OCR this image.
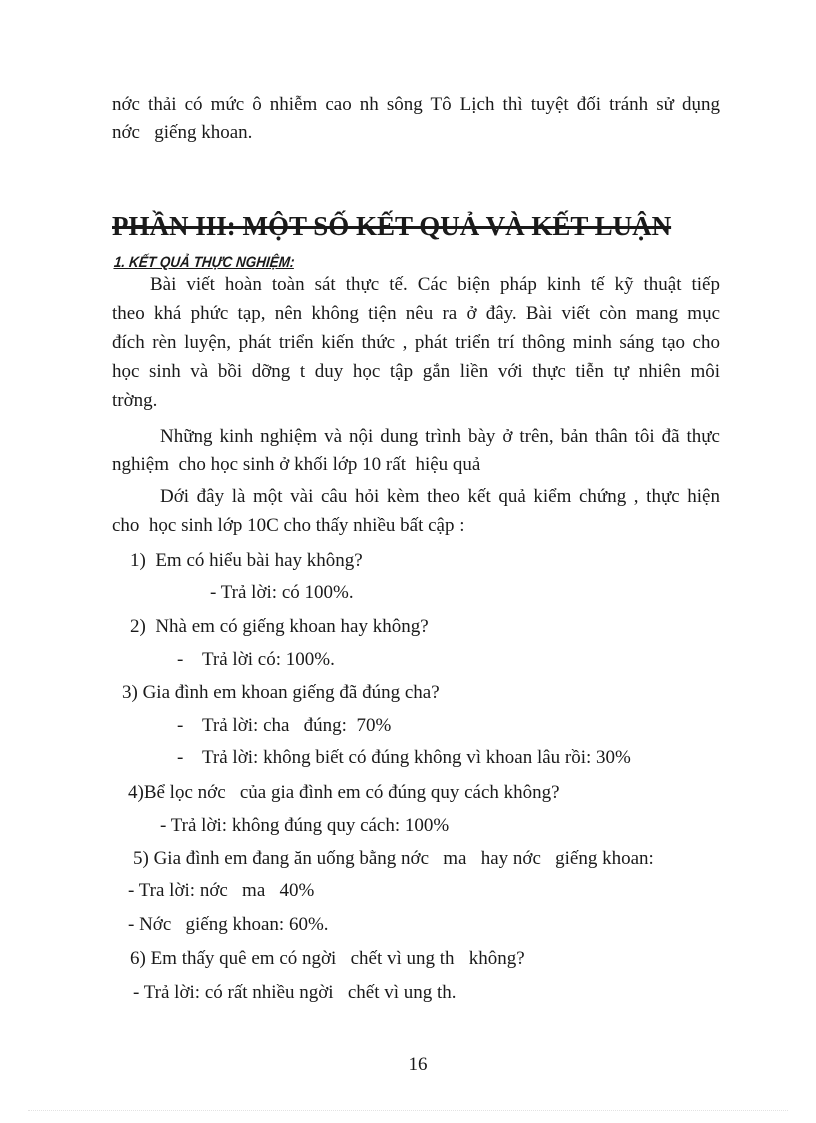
nớc thải có mức ô nhiễm cao nh sông Tô Lịch thì tuyệt đối tránh sử dụng
nớc   giếng khoan.
PHẦN III: MỘT SỐ KẾT QUẢ VÀ KẾT LUẬN
1. KẾT QUẢ THỰC NGHIỆM:
Bài viết hoàn toàn sát thực tế. Các biện pháp kinh tế kỹ thuật tiếp
theo khá phức tạp, nên không tiện nêu ra ở đây. Bài viết còn mang mục
đích rèn luyện, phát triển kiến thức , phát triển trí thông minh sáng tạo cho
học sinh và bồi dỡng t duy học tập gắn liền với thực tiễn tự nhiên môi
trờng.
Những kinh nghiệm và nội dung trình bày ở trên, bản thân tôi đã thực
nghiệm  cho học sinh ở khối lớp 10 rất  hiệu quả
Dới đây là một vài câu hỏi kèm theo kết quả kiểm chứng , thực hiện
cho  học sinh lớp 10C cho thấy nhiều bất cập :
1)  Em có hiểu bài hay không?
- Trả lời: có 100%.
2)  Nhà em có giếng khoan hay không?
-    Trả lời có: 100%.
3) Gia đình em khoan giếng đã đúng cha?
-    Trả lời: cha   đúng:  70%
-    Trả lời: không biết có đúng không vì khoan lâu rồi: 30%
4)Bể lọc nớc   của gia đình em có đúng quy cách không?
- Trả lời: không đúng quy cách: 100%
5) Gia đình em đang ăn uống bằng nớc   ma   hay nớc   giếng khoan:
- Tra lời: nớc   ma   40%
- Nớc   giếng khoan: 60%.
6) Em thấy quê em có ngời   chết vì ung th   không?
- Trả lời: có rất nhiều ngời   chết vì ung th.
16
